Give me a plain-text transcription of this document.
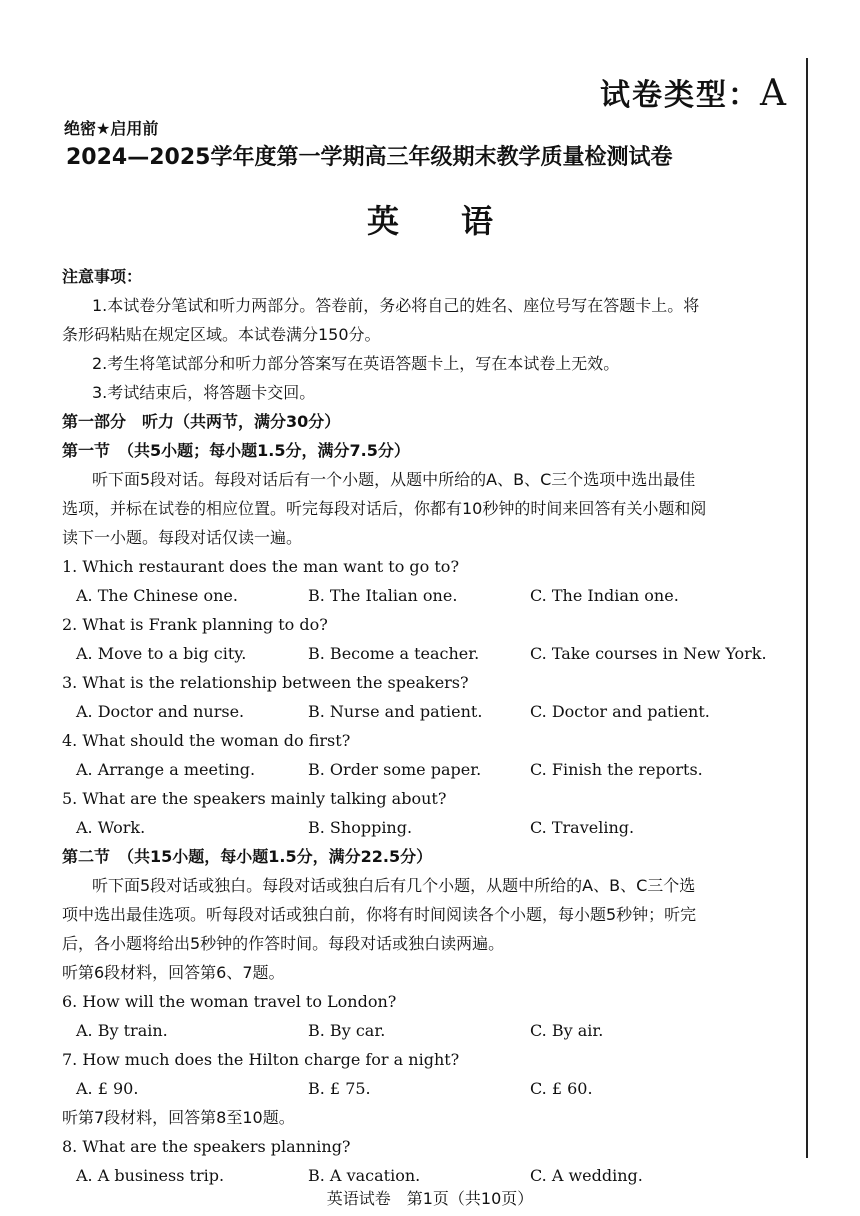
试卷类型：A
绝密★启用前
2024—2025学年度第一学期高三年级期末教学质量检测试卷
英语
注意事项：
1.本试卷分笔试和听力两部分。答卷前，务必将自己的姓名、座位号写在答题卡上。将
条形码粘贴在规定区域。本试卷满分150分。
2.考生将笔试部分和听力部分答案写在英语答题卡上，写在本试卷上无效。
3.考试结束后，将答题卡交回。
第一部分　听力（共两节，满分30分）
第一节　（共5小题；每小题1.5分，满分7.5分）
听下面5段对话。每段对话后有一个小题，从题中所给的A、B、C三个选项中选出最佳
选项，并标在试卷的相应位置。听完每段对话后，你都有10秒钟的时间来回答有关小题和阅
读下一小题。每段对话仅读一遍。
1. Which restaurant does the man want to go to?
A. The Chinese one.	B. The Italian one.	C. The Indian one.
2. What is Frank planning to do?
A. Move to a big city.	B. Become a teacher.	C. Take courses in New York.
3. What is the relationship between the speakers?
A. Doctor and nurse.	B. Nurse and patient.	C. Doctor and patient.
4. What should the woman do first?
A. Arrange a meeting.	B. Order some paper.	C. Finish the reports.
5. What are the speakers mainly talking about?
A. Work.	B. Shopping.	C. Traveling.
第二节　（共15小题，每小题1.5分，满分22.5分）
听下面5段对话或独白。每段对话或独白后有几个小题，从题中所给的A、B、C三个选
项中选出最佳选项。听每段对话或独白前，你将有时间阅读各个小题，每小题5秒钟；听完
后，各小题将给出5秒钟的作答时间。每段对话或独白读两遍。
听第6段材料，回答第6、7题。
6. How will the woman travel to London?
A. By train.	B. By car.	C. By air.
7. How much does the Hilton charge for a night?
A. £ 90.	B. £ 75.	C. £ 60.
听第7段材料，回答第8至10题。
8. What are the speakers planning?
A. A business trip.	B. A vacation.	C. A wedding.
英语试卷　第1页（共10页）
